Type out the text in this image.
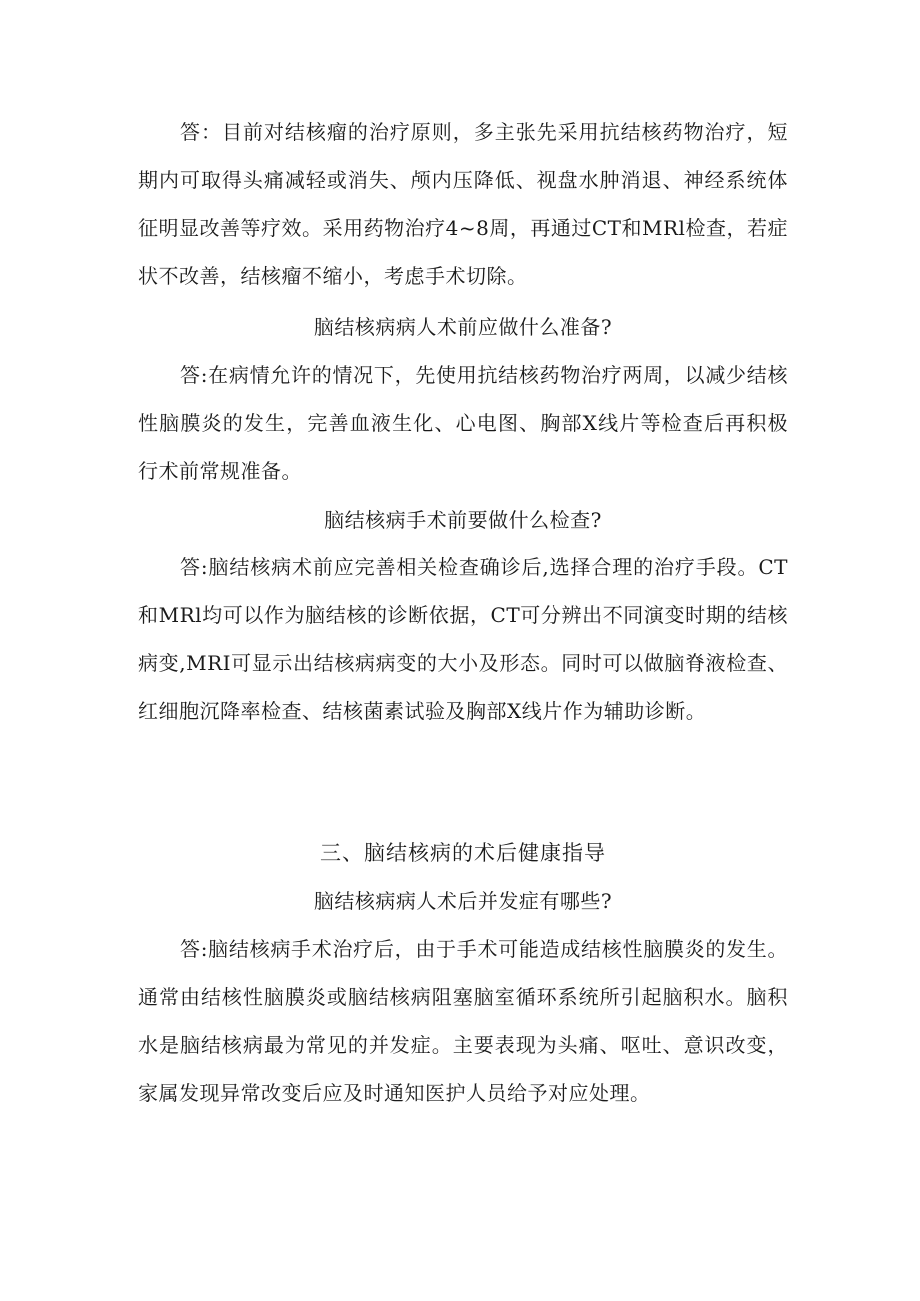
答：目前对结核瘤的治疗原则，多主张先采用抗结核药物治疗，短期内可取得头痛减轻或消失、颅内压降低、视盘水肿消退、神经系统体征明显改善等疗效。采用药物治疗4~8周，再通过CT和MRl检查，若症状不改善，结核瘤不缩小，考虑手术切除。

脑结核病病人术前应做什么准备?

答:在病情允许的情况下，先使用抗结核药物治疗两周，以减少结核性脑膜炎的发生，完善血液生化、心电图、胸部X线片等检查后再积极行术前常规准备。

脑结核病手术前要做什么检查?

答:脑结核病术前应完善相关检查确诊后,选择合理的治疗手段。CT和MRl均可以作为脑结核的诊断依据，CT可分辨出不同演变时期的结核病变,MRI可显示出结核病病变的大小及形态。同时可以做脑脊液检查、红细胞沉降率检查、结核菌素试验及胸部X线片作为辅助诊断。

三、脑结核病的术后健康指导

脑结核病病人术后并发症有哪些?

答:脑结核病手术治疗后，由于手术可能造成结核性脑膜炎的发生。通常由结核性脑膜炎或脑结核病阻塞脑室循环系统所引起脑积水。脑积水是脑结核病最为常见的并发症。主要表现为头痛、呕吐、意识改变，家属发现异常改变后应及时通知医护人员给予对应处理。
